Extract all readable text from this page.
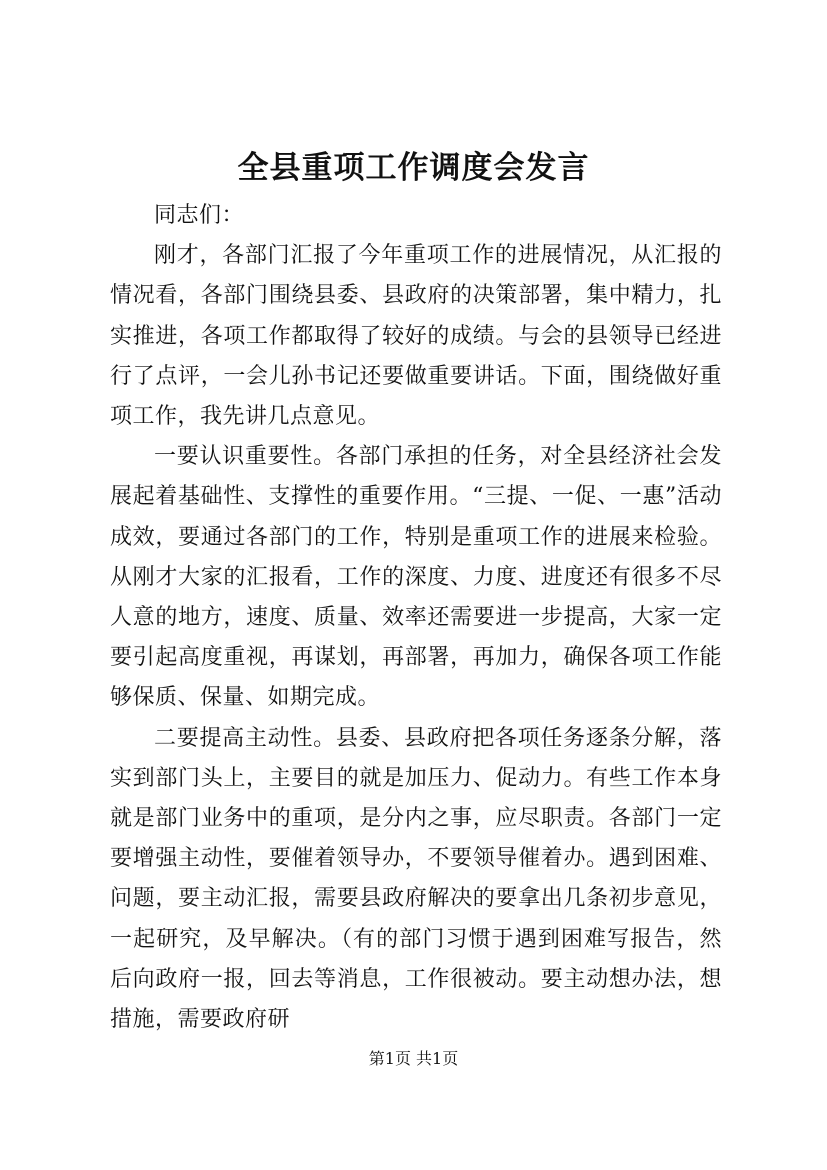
全县重项工作调度会发言

同志们：

刚才，各部门汇报了今年重项工作的进展情况，从汇报的情况看，各部门围绕县委、县政府的决策部署，集中精力，扎实推进，各项工作都取得了较好的成绩。与会的县领导已经进行了点评，一会儿孙书记还要做重要讲话。下面，围绕做好重项工作，我先讲几点意见。

一要认识重要性。各部门承担的任务，对全县经济社会发展起着基础性、支撑性的重要作用。“三提、一促、一惠”活动成效，要通过各部门的工作，特别是重项工作的进展来检验。从刚才大家的汇报看，工作的深度、力度、进度还有很多不尽人意的地方，速度、质量、效率还需要进一步提高，大家一定要引起高度重视，再谋划，再部署，再加力，确保各项工作能够保质、保量、如期完成。

二要提高主动性。县委、县政府把各项任务逐条分解，落实到部门头上，主要目的就是加压力、促动力。有些工作本身就是部门业务中的重项，是分内之事，应尽职责。各部门一定要增强主动性，要催着领导办，不要领导催着办。遇到困难、问题，要主动汇报，需要县政府解决的要拿出几条初步意见，一起研究，及早解决。（有的部门习惯于遇到困难写报告，然后向政府一报，回去等消息，工作很被动。要主动想办法，想措施，需要政府研

第1页 共1页
